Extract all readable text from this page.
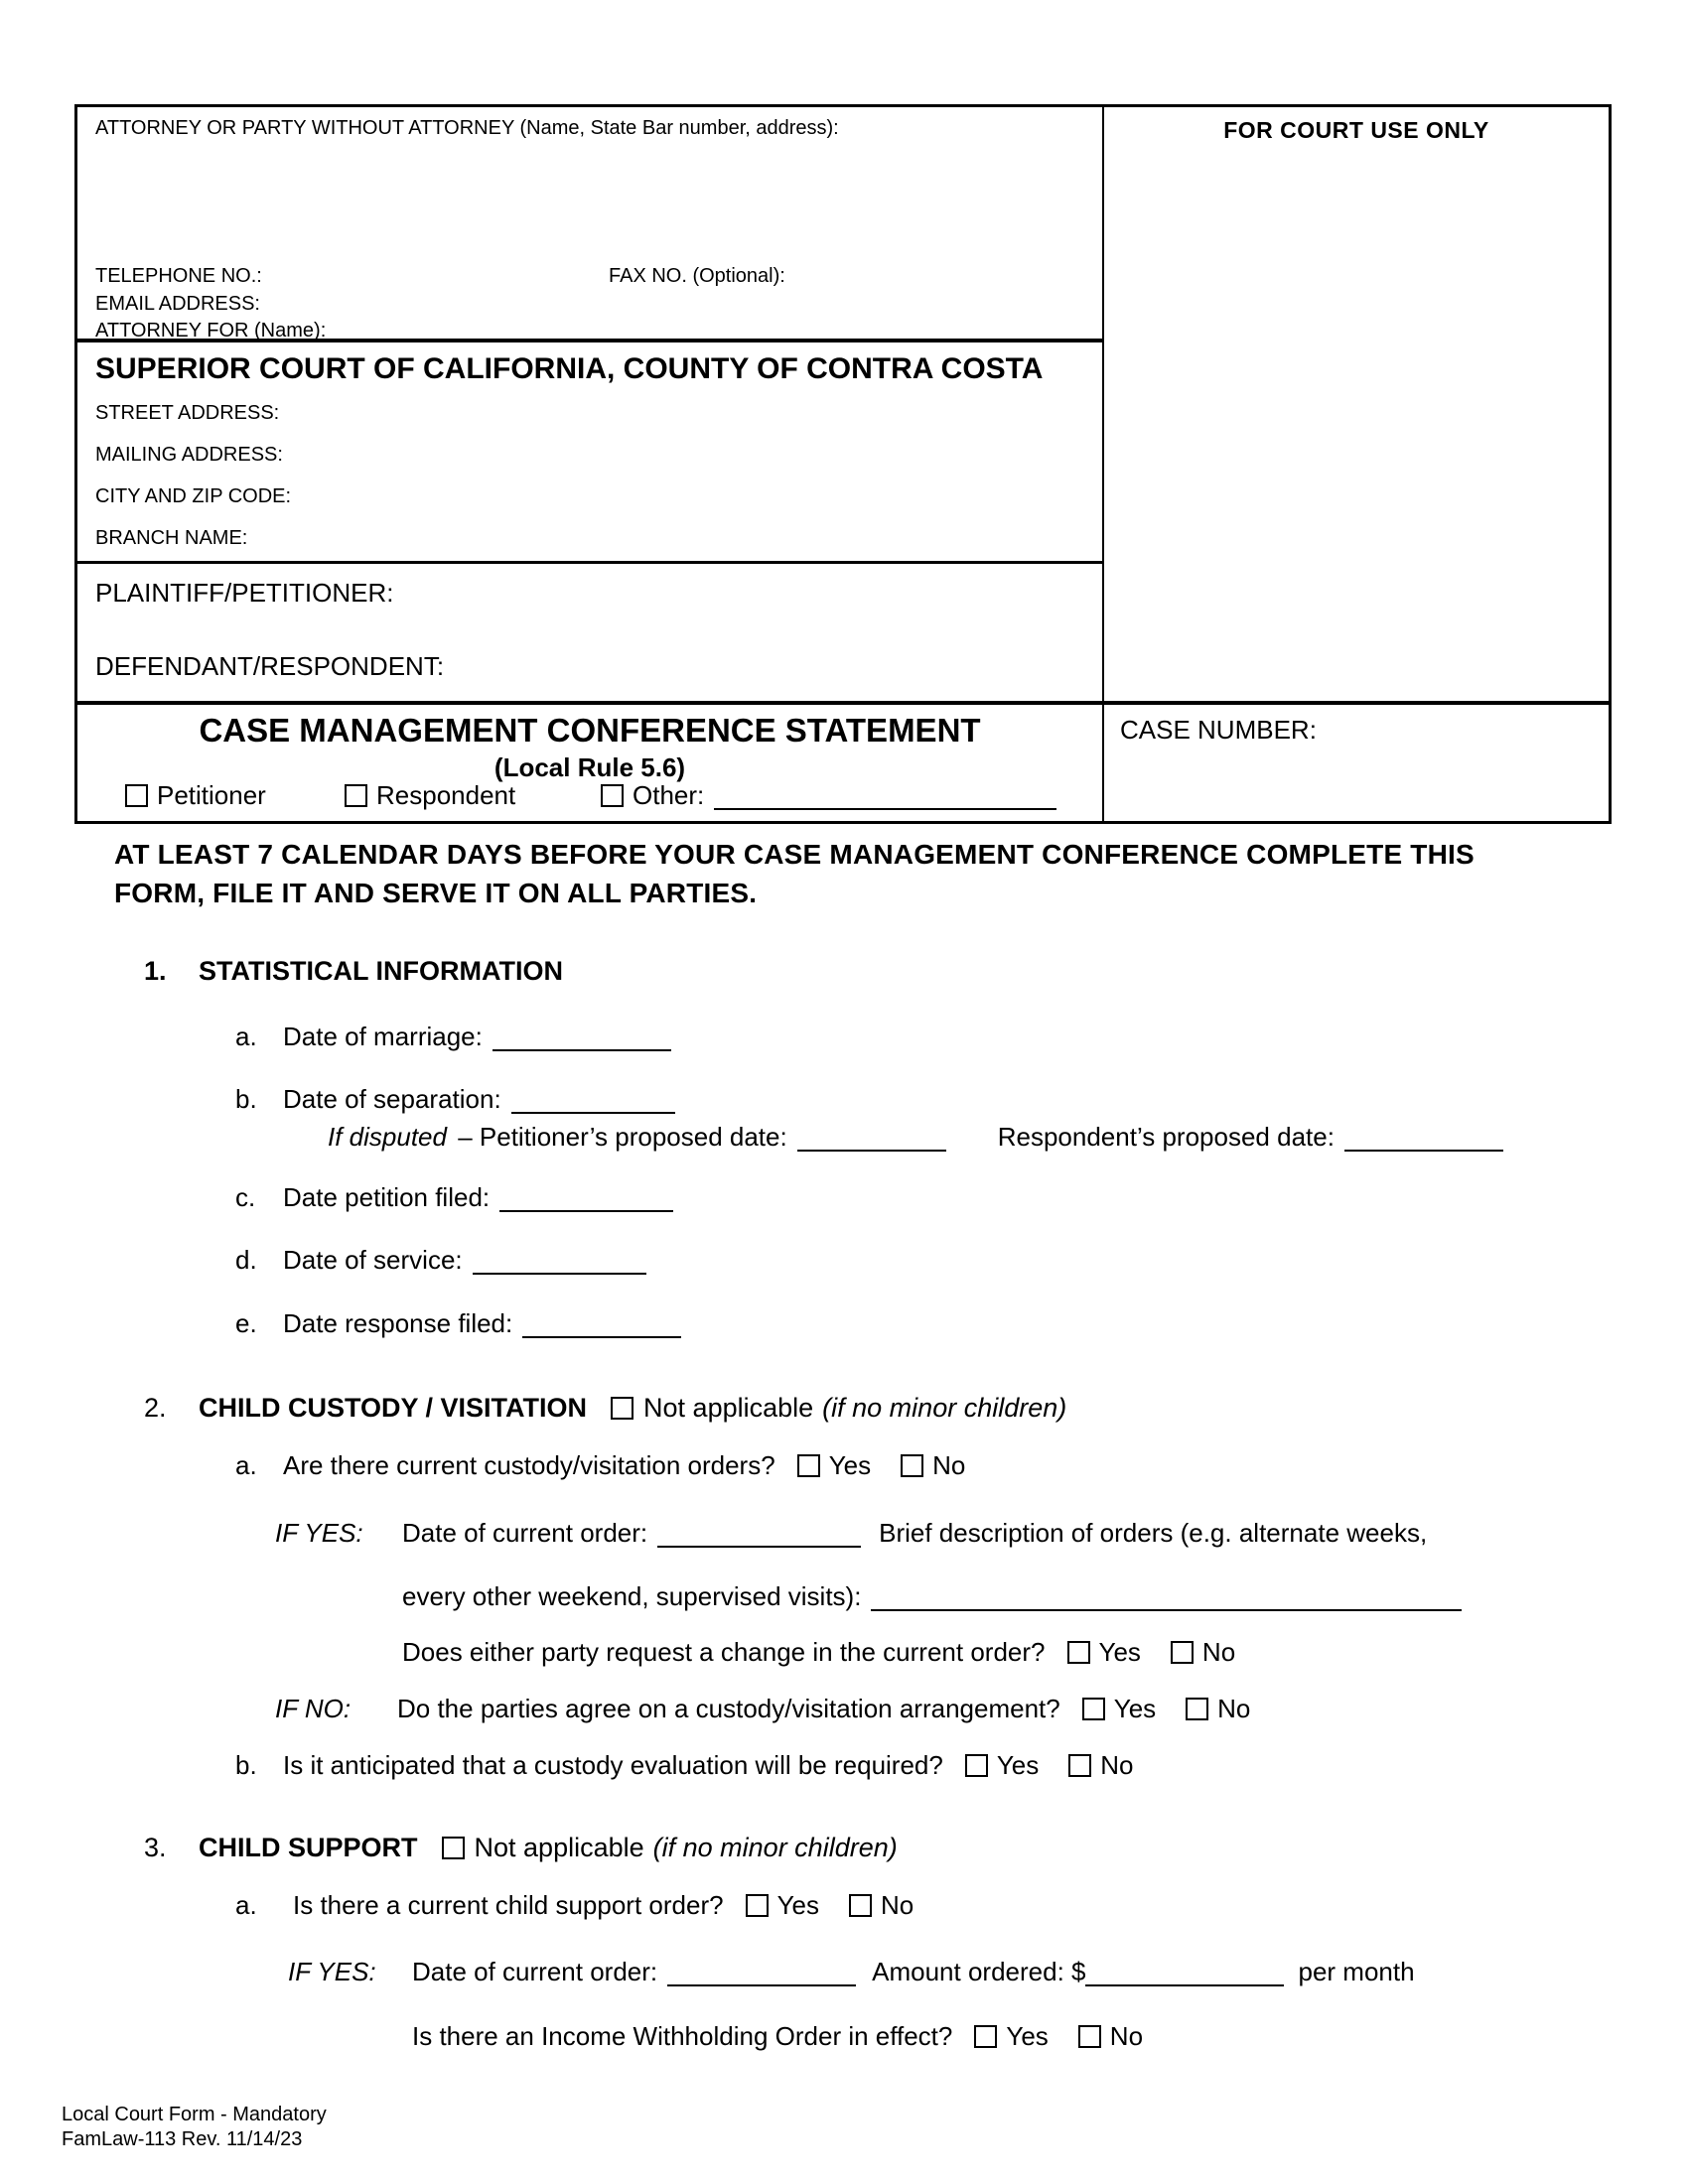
ATTORNEY OR PARTY WITHOUT ATTORNEY (Name, State Bar number, address):
TELEPHONE NO.:	FAX NO. (Optional):
EMAIL ADDRESS:
ATTORNEY FOR (Name):
SUPERIOR COURT OF CALIFORNIA, COUNTY OF CONTRA COSTA
STREET ADDRESS:
MAILING ADDRESS:
CITY AND ZIP CODE:
BRANCH NAME:
PLAINTIFF/PETITIONER:
DEFENDANT/RESPONDENT:
CASE MANAGEMENT CONFERENCE STATEMENT
(Local Rule 5.6)
Petitioner	Respondent	Other:
FOR COURT USE ONLY
CASE NUMBER:
AT LEAST 7 CALENDAR DAYS BEFORE YOUR CASE MANAGEMENT CONFERENCE COMPLETE THIS
FORM, FILE IT AND SERVE IT ON ALL PARTIES.
1. STATISTICAL INFORMATION
a. Date of marriage:
b. Date of separation:
If disputed – Petitioner’s proposed date:	Respondent’s proposed date:
c. Date petition filed:
d. Date of service:
e. Date response filed:
2. CHILD CUSTODY / VISITATION Not applicable (if no minor children)
a. Are there current custody/visitation orders? Yes No
IF YES: Date of current order:	Brief description of orders (e.g. alternate weeks,
every other weekend, supervised visits):
Does either party request a change in the current order? Yes No
IF NO: Do the parties agree on a custody/visitation arrangement? Yes No
b. Is it anticipated that a custody evaluation will be required? Yes No
3. CHILD SUPPORT Not applicable (if no minor children)
a. Is there a current child support order? Yes No
IF YES: Date of current order:	Amount ordered: $	per month
Is there an Income Withholding Order in effect? Yes No
Local Court Form - Mandatory
FamLaw-113 Rev. 11/14/23
